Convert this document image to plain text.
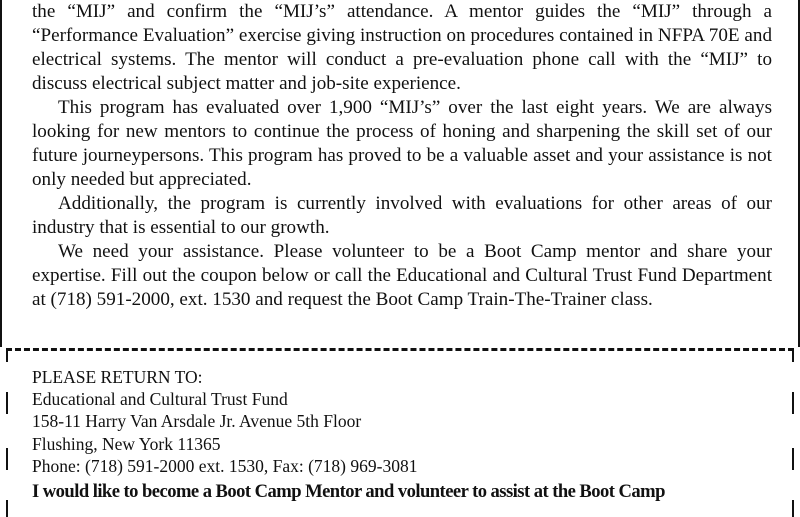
the “MIJ” and confirm the “MIJ’s” attendance. A mentor guides the “MIJ” through a “Performance Evaluation” exercise giving instruction on procedures contained in NFPA 70E and electrical systems. The mentor will conduct a pre-evaluation phone call with the “MIJ” to discuss electrical subject matter and job-site experience.

This program has evaluated over 1,900 “MIJ’s” over the last eight years. We are always looking for new mentors to continue the process of honing and sharpening the skill set of our future journeypersons. This program has proved to be a valuable asset and your assistance is not only needed but appreciated.

Additionally, the program is currently involved with evaluations for other areas of our industry that is essential to our growth.

We need your assistance. Please volunteer to be a Boot Camp mentor and share your expertise. Fill out the coupon below or call the Educational and Cultural Trust Fund Department at (718) 591-2000, ext. 1530 and request the Boot Camp Train-The-Trainer class.

PLEASE RETURN TO:
Educational and Cultural Trust Fund
158-11 Harry Van Arsdale Jr. Avenue 5th Floor
Flushing, New York 11365
Phone: (718) 591-2000 ext. 1530, Fax: (718) 969-3081
I would like to become a Boot Camp Mentor and volunteer to assist at the Boot Camp
